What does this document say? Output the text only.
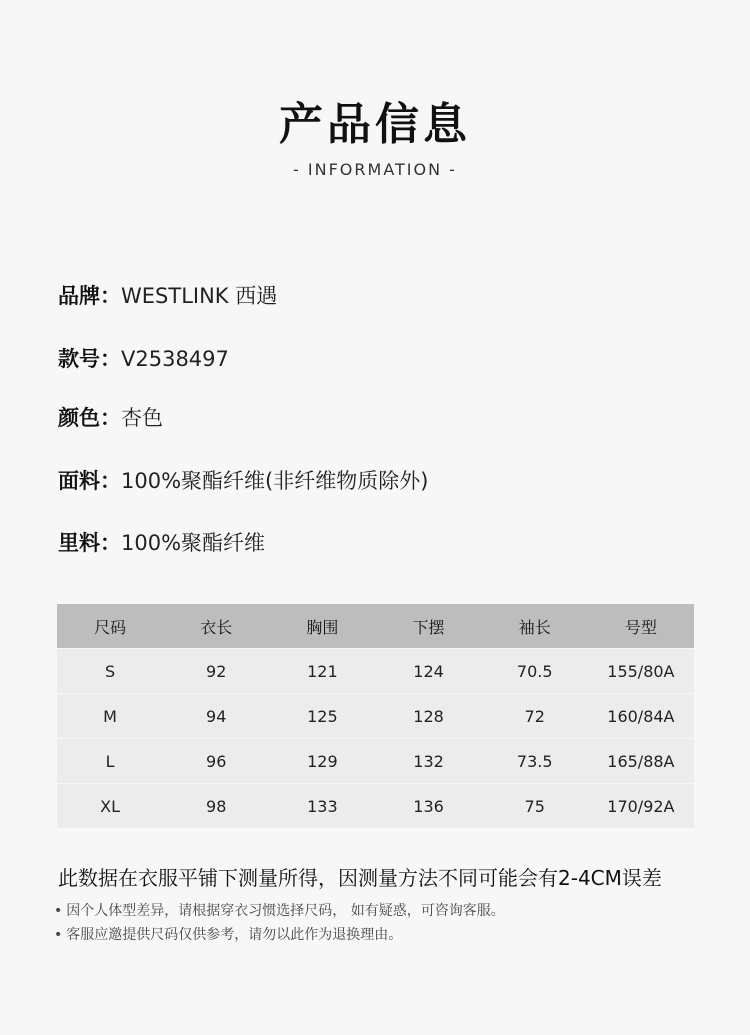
产品信息
- INFORMATION -
品牌：WESTLINK 西遇
款号：V2538497
颜色：杏色
面料：100%聚酯纤维(非纤维物质除外)
里料：100%聚酯纤维
尺码	衣长	胸围	下摆	袖长	号型
S	92	121	124	70.5	155/80A
M	94	125	128	72	160/84A
L	96	129	132	73.5	165/88A
XL	98	133	136	75	170/92A
此数据在衣服平铺下测量所得，因测量方法不同可能会有2-4CM误差
• 因个人体型差异，请根据穿衣习惯选择尺码， 如有疑惑，可咨询客服。
• 客服应邀提供尺码仅供参考，请勿以此作为退换理由。
